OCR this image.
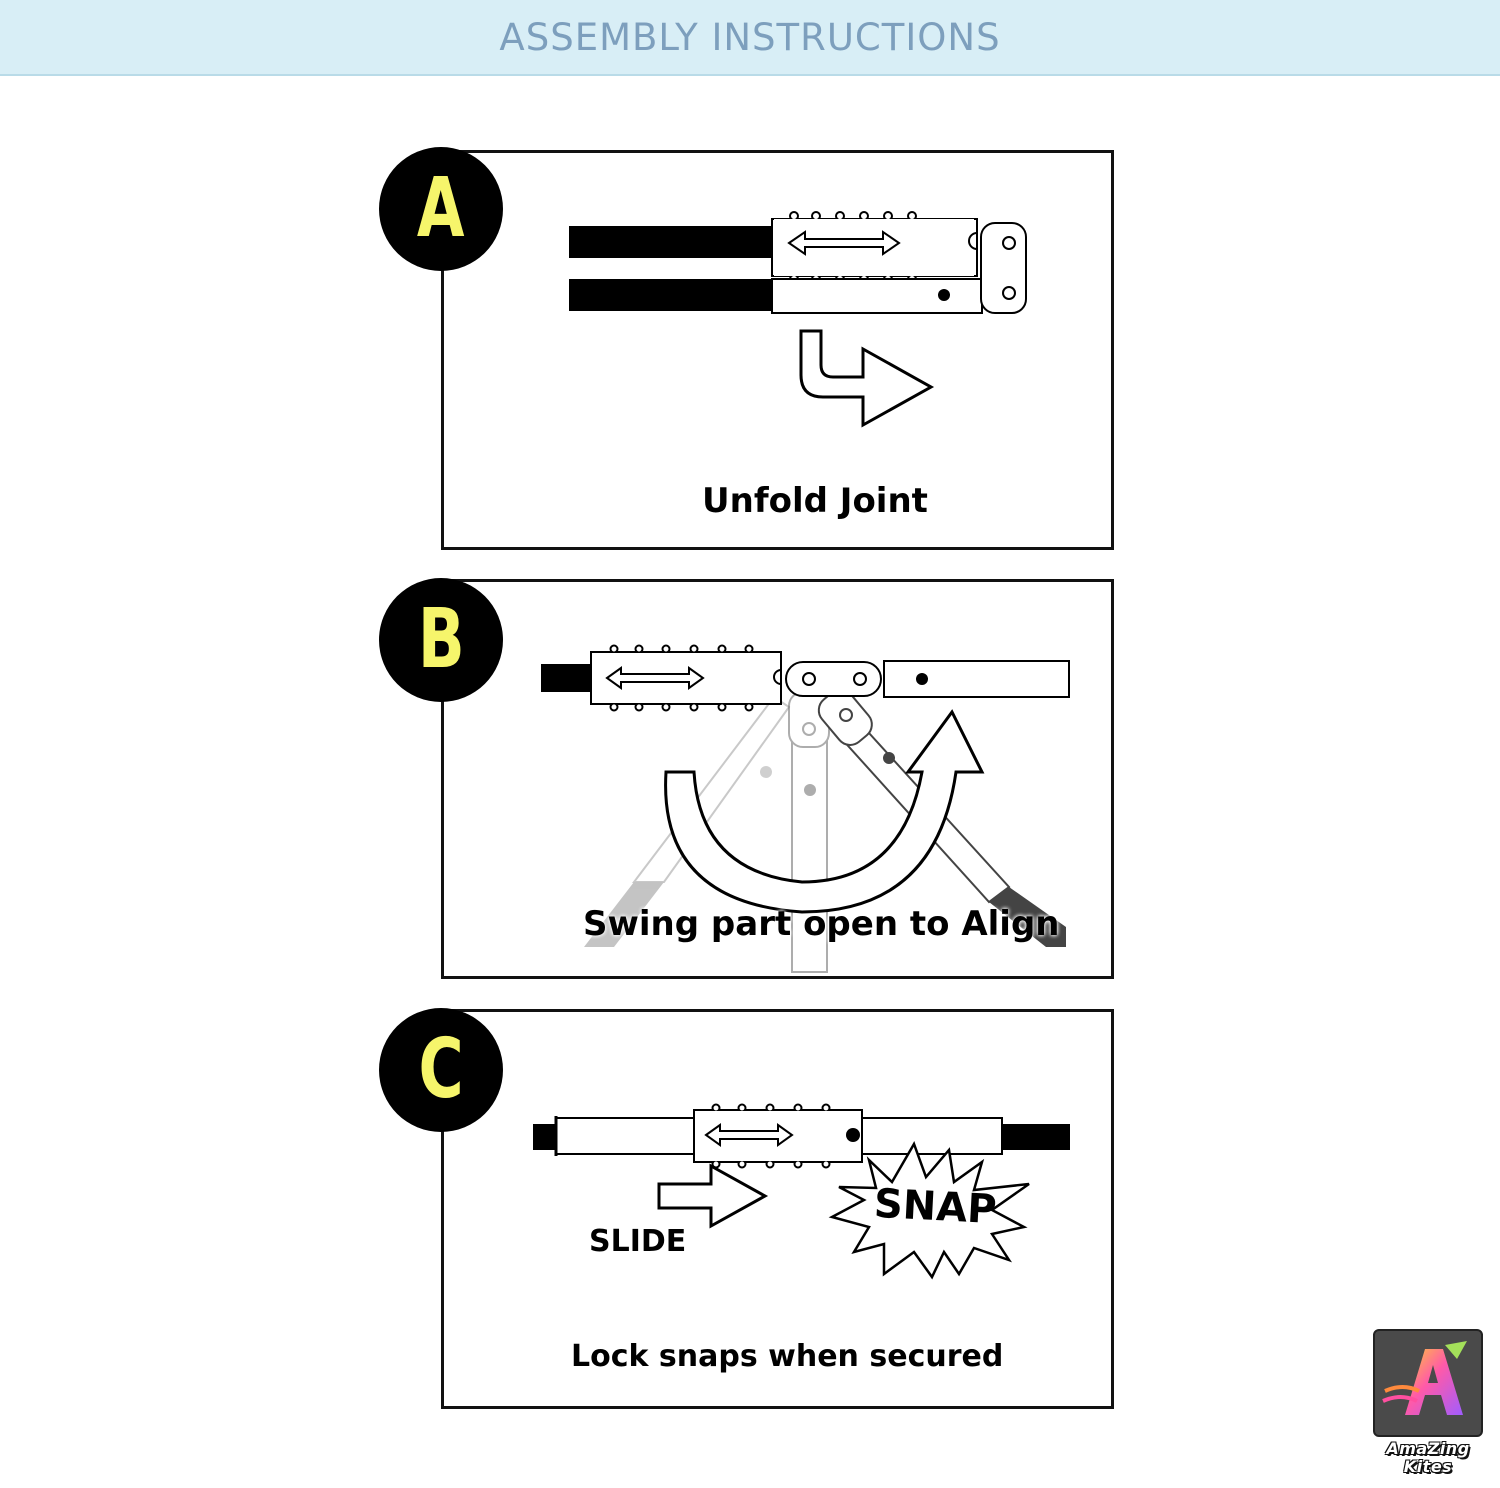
ASSEMBLY INSTRUCTIONS
Unfold Joint
A
Swing part open to Align
B
SLIDE
SNAP
Lock snaps when secured
C
AmaZing
Kites
